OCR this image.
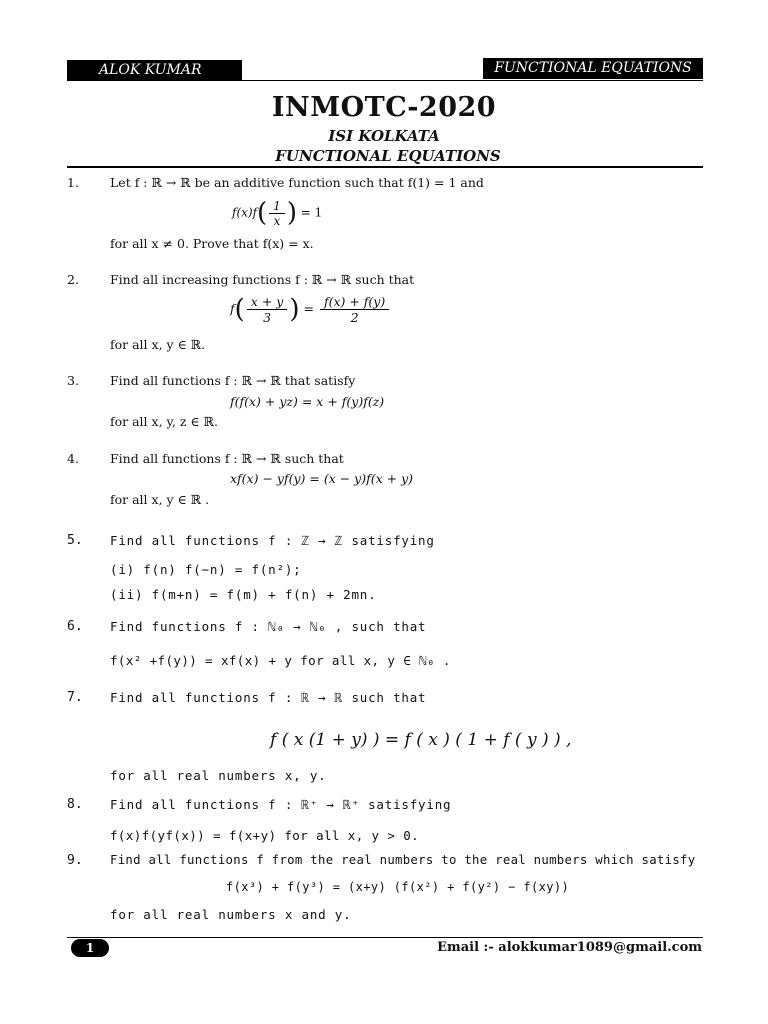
ALOK KUMAR	FUNCTIONAL EQUATIONS
INMOTC-2020
ISI KOLKATA
FUNCTIONAL EQUATIONS
1. Let f : ℝ → ℝ be an additive function such that f(1) = 1 and
$f(x)f( \frac{1}{x}$ ) = 1
for all x ≠ 0. Prove that f(x) = x.
2. Find all increasing functions f : ℝ → ℝ such that
$f( \frac{x + y}{3}$ ) = $\frac{f(x) + f(y)}{2}$
for all x, y ∈ ℝ.
3. Find all functions f : ℝ → ℝ that satisfy
f(f(x) + yz) = x + f(y)f(z)
for all x, y, z ∈ ℝ.
4. Find all functions f : ℝ → ℝ such that
xf(x) − yf(y) = (x − y)f(x + y)
for all x, y ∈ ℝ .
5. Find all functions f : ℤ → ℤ satisfying
(i) f(n) f(−n) = f(n²);
(ii) f(m+n) = f(m) + f(n) + 2mn.
6. Find functions f : ℕ₀ → ℕ₀ , such that
f(x² +f(y)) = xf(x) + y for all x, y ∈ ℕ₀ .
7. Find all functions f : ℝ → ℝ such that
f ( x (1 + y) ) = f ( x ) ( 1 + f ( y ) ) ,
for all real numbers x, y.
8. Find all functions f : ℝ⁺ → ℝ⁺ satisfying
f(x)f(yf(x)) = f(x+y) for all x, y > 0.
9. Find all functions f from the real numbers to the real numbers which satisfy
f(x³) + f(y³) = (x+y) (f(x²) + f(y²) − f(xy))
for all real numbers x and y.
1	Email :- alokkumar1089@gmail.com
